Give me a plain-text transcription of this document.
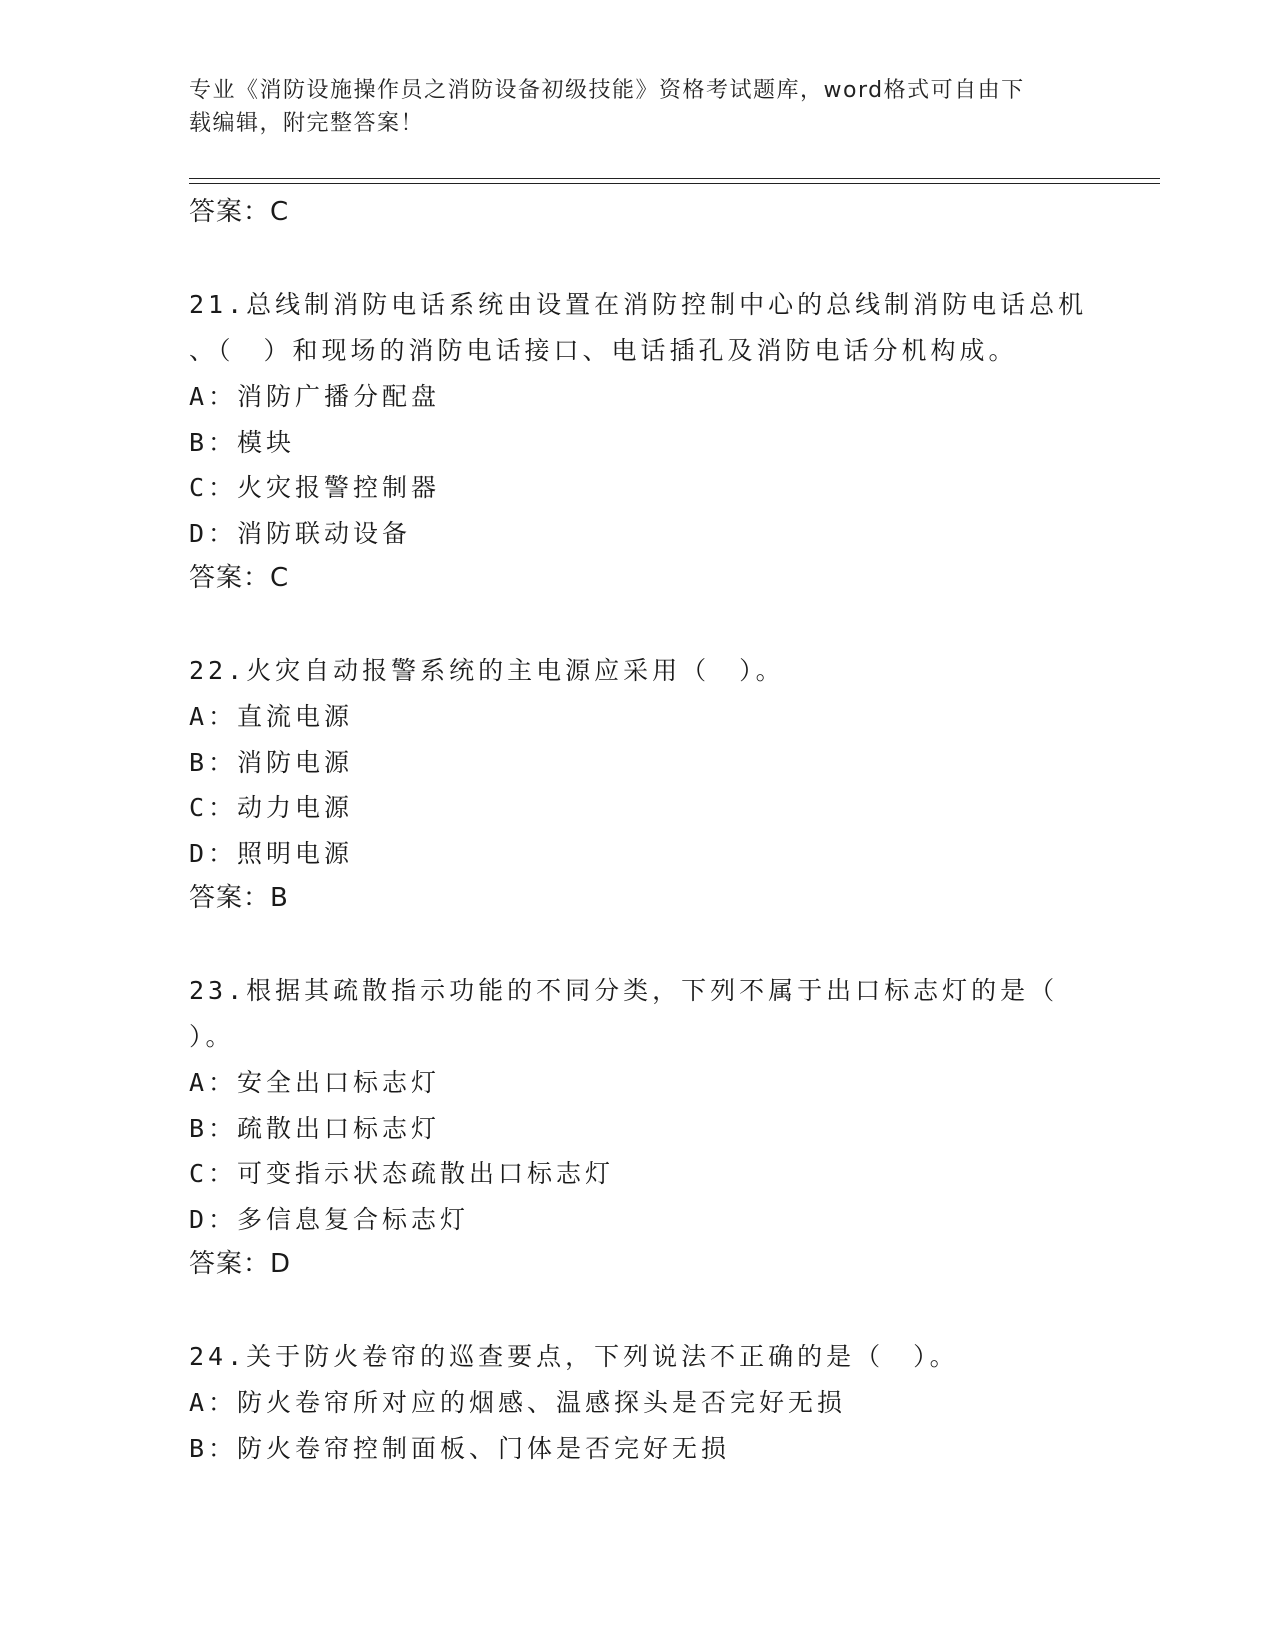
专业《消防设施操作员之消防设备初级技能》资格考试题库，word格式可自由下
载编辑，附完整答案！
答案：C
21.总线制消防电话系统由设置在消防控制中心的总线制消防电话总机
、（　）和现场的消防电话接口、电话插孔及消防电话分机构成。
A：消防广播分配盘
B：模块
C：火灾报警控制器
D：消防联动设备
答案：C
22.火灾自动报警系统的主电源应采用（　）。
A：直流电源
B：消防电源
C：动力电源
D：照明电源
答案：B
23.根据其疏散指示功能的不同分类，下列不属于出口标志灯的是（
）。
A：安全出口标志灯
B：疏散出口标志灯
C：可变指示状态疏散出口标志灯
D：多信息复合标志灯
答案：D
24.关于防火卷帘的巡查要点，下列说法不正确的是（　）。
A：防火卷帘所对应的烟感、温感探头是否完好无损
B：防火卷帘控制面板、门体是否完好无损
